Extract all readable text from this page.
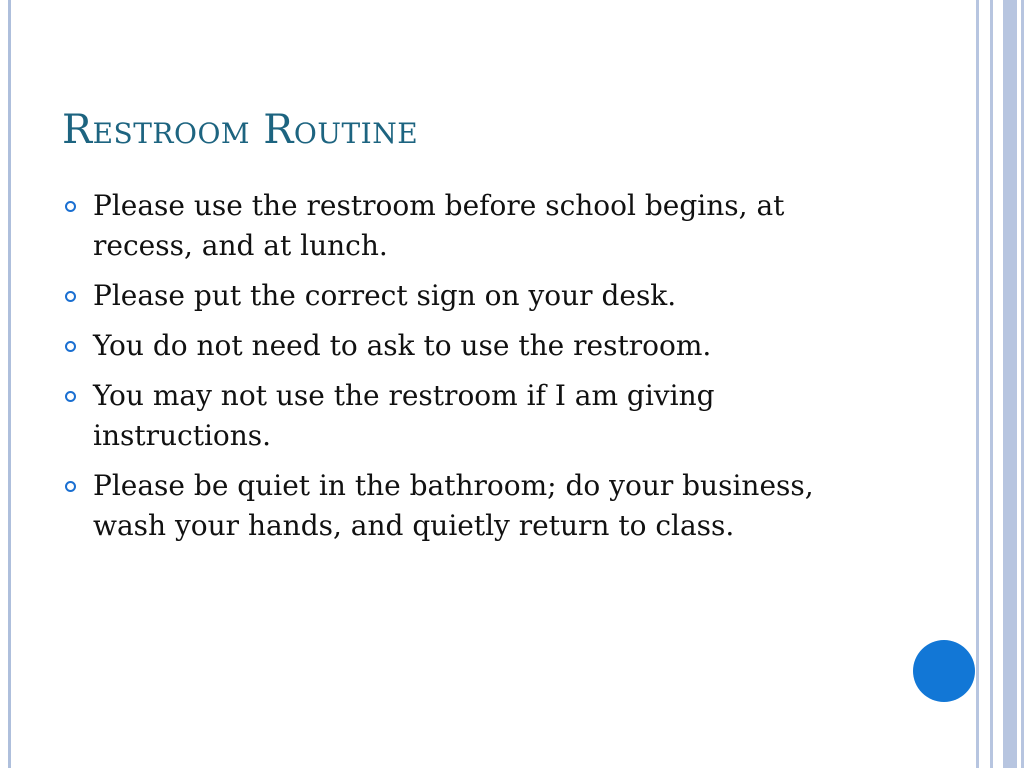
Restroom Routine
Please use the restroom before school begins, at recess, and at lunch.
Please put the correct sign on your desk.
You do not need to ask to use the restroom.
You may not use the restroom if I am giving instructions.
Please be quiet in the bathroom; do your business, wash your hands, and quietly return to class.
